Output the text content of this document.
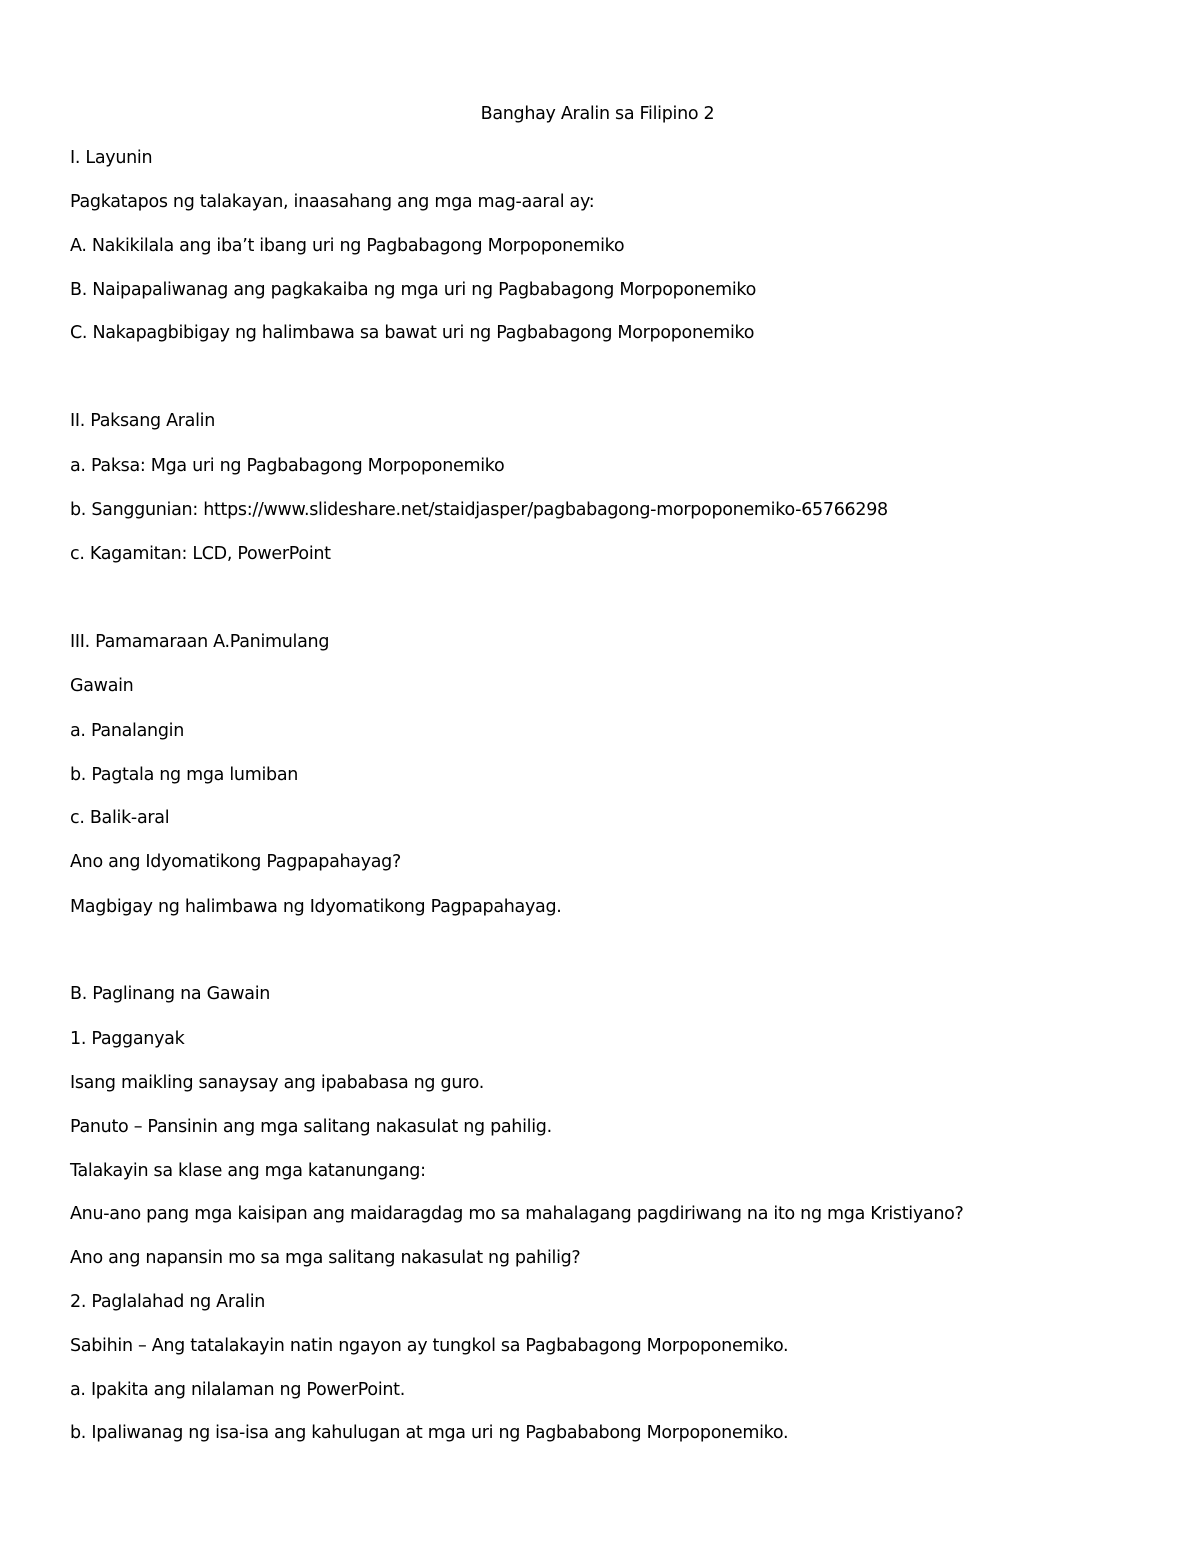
Banghay Aralin sa Filipino 2
I. Layunin
Pagkatapos ng talakayan, inaasahang ang mga mag-aaral ay:
A. Nakikilala ang iba’t ibang uri ng Pagbabagong Morpoponemiko
B. Naipapaliwanag ang pagkakaiba ng mga uri ng Pagbabagong Morpoponemiko
C. Nakapagbibigay ng halimbawa sa bawat uri ng Pagbabagong Morpoponemiko
II. Paksang Aralin
a. Paksa: Mga uri ng Pagbabagong Morpoponemiko
b. Sanggunian: https://www.slideshare.net/staidjasper/pagbabagong-morpoponemiko-65766298
c. Kagamitan: LCD, PowerPoint
III. Pamamaraan A.Panimulang
Gawain
a. Panalangin
b. Pagtala ng mga lumiban
c. Balik-aral
Ano ang Idyomatikong Pagpapahayag?
Magbigay ng halimbawa ng Idyomatikong Pagpapahayag.
B. Paglinang na Gawain
1. Pagganyak
Isang maikling sanaysay ang ipababasa ng guro.
Panuto – Pansinin ang mga salitang nakasulat ng pahilig.
Talakayin sa klase ang mga katanungang:
Anu-ano pang mga kaisipan ang maidaragdag mo sa mahalagang pagdiriwang na ito ng mga Kristiyano?
Ano ang napansin mo sa mga salitang nakasulat ng pahilig?
2. Paglalahad ng Aralin
Sabihin – Ang tatalakayin natin ngayon ay tungkol sa Pagbabagong Morpoponemiko.
a. Ipakita ang nilalaman ng PowerPoint.
b. Ipaliwanag ng isa-isa ang kahulugan at mga uri ng Pagbababong Morpoponemiko.
